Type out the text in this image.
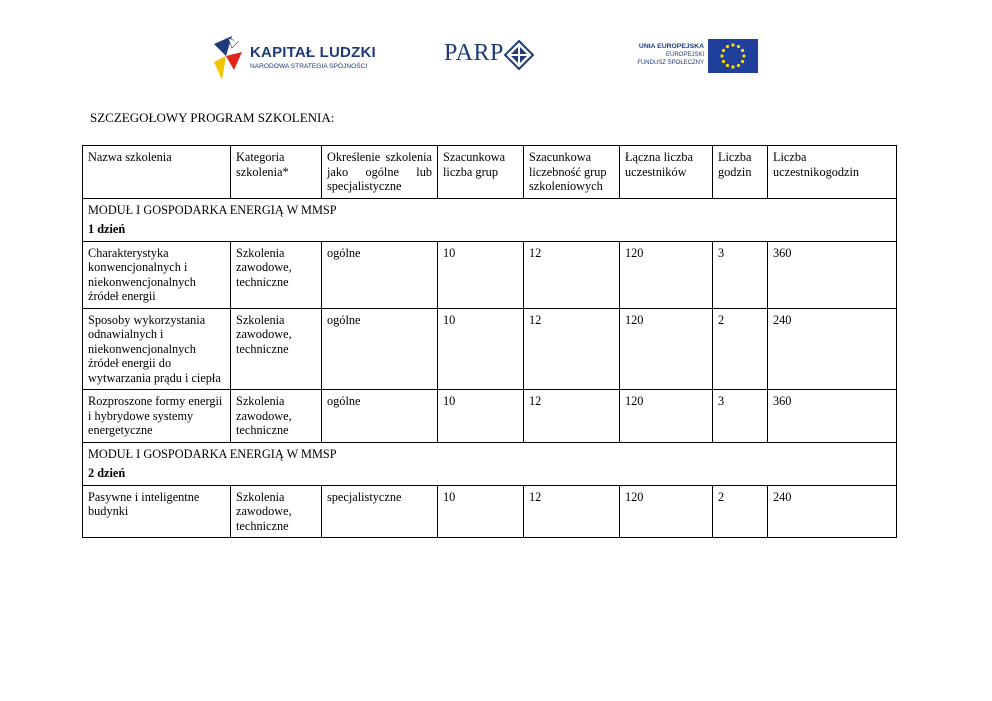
KAPITAŁ LUDZKI
NARODOWA STRATEGIA SPÓJNOŚCI
PARP	UNIA EUROPEJSKA
EUROPEJSKI
FUNDUSZ SPOŁECZNY
SZCZEGOŁOWY PROGRAM SZKOLENIA:
Nazwa szkolenia	Kategoria szkolenia*	Określenie szkolenia jako ogólne lub specjalistyczne	Szacunkowa liczba grup	Szacunkowa liczebność grup szkoleniowych	Łączna liczba uczestników	Liczba godzin	Liczba uczestnikogodzin
MODUŁ I GOSPODARKA ENERGIĄ W MMSP
1 dzień							

Charakterystyka konwencjonalnych i niekonwencjonalnych źródeł energii	Szkolenia zawodowe, techniczne	ogólne	10	12	120	3	360
Sposoby wykorzystania odnawialnych i niekonwencjonalnych źródeł energii do wytwarzania prądu i ciepła	Szkolenia zawodowe, techniczne	ogólne	10	12	120	2	240
Rozproszone formy energii i hybrydowe systemy energetyczne	Szkolenia zawodowe, techniczne	ogólne	10	12	120	3	360
MODUŁ I GOSPODARKA ENERGIĄ W MMSP
2 dzień							

Pasywne i inteligentne budynki	Szkolenia zawodowe, techniczne	specjalistyczne	10	12	120	2	240
